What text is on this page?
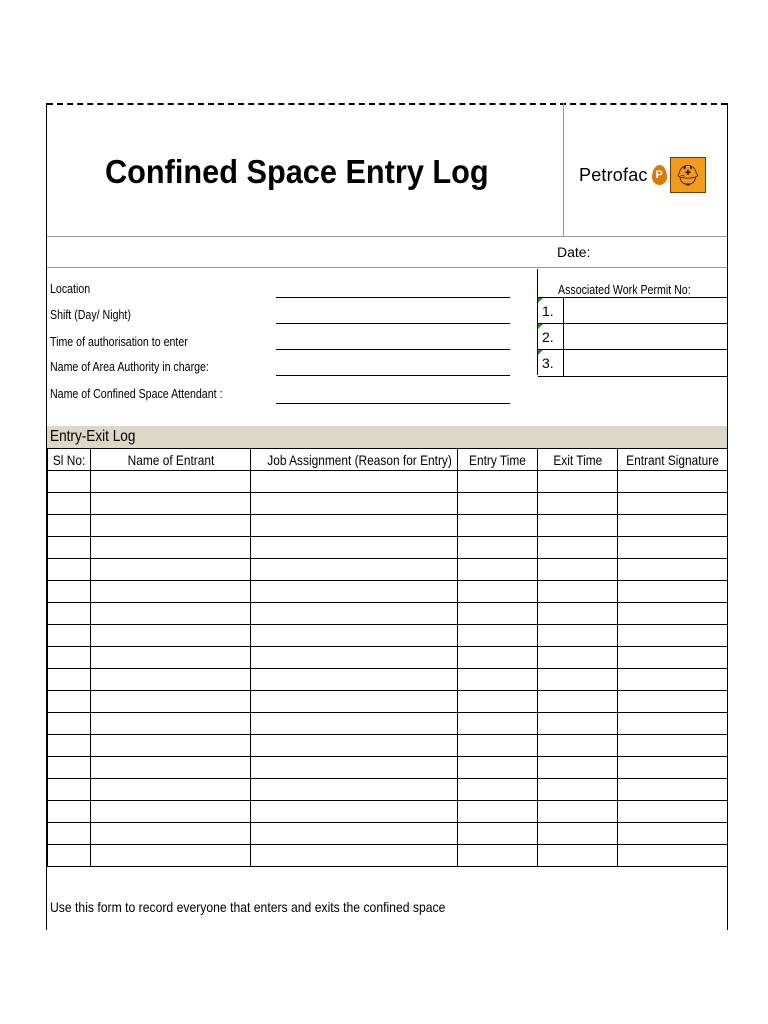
Confined Space Entry Log	Petrofac P ⛑
Date:
Location
Shift (Day/ Night)
Time of authorisation to enter
Name of Area Authority in charge:
Name of Confined Space Attendant :
Associated Work Permit No:
1.
2.
3.
Entry-Exit Log
Sl No:	Name of Entrant	Job Assignment (Reason for Entry)	Entry Time	Exit Time	Entrant Signature

Use this form to record everyone that enters and exits the confined space
